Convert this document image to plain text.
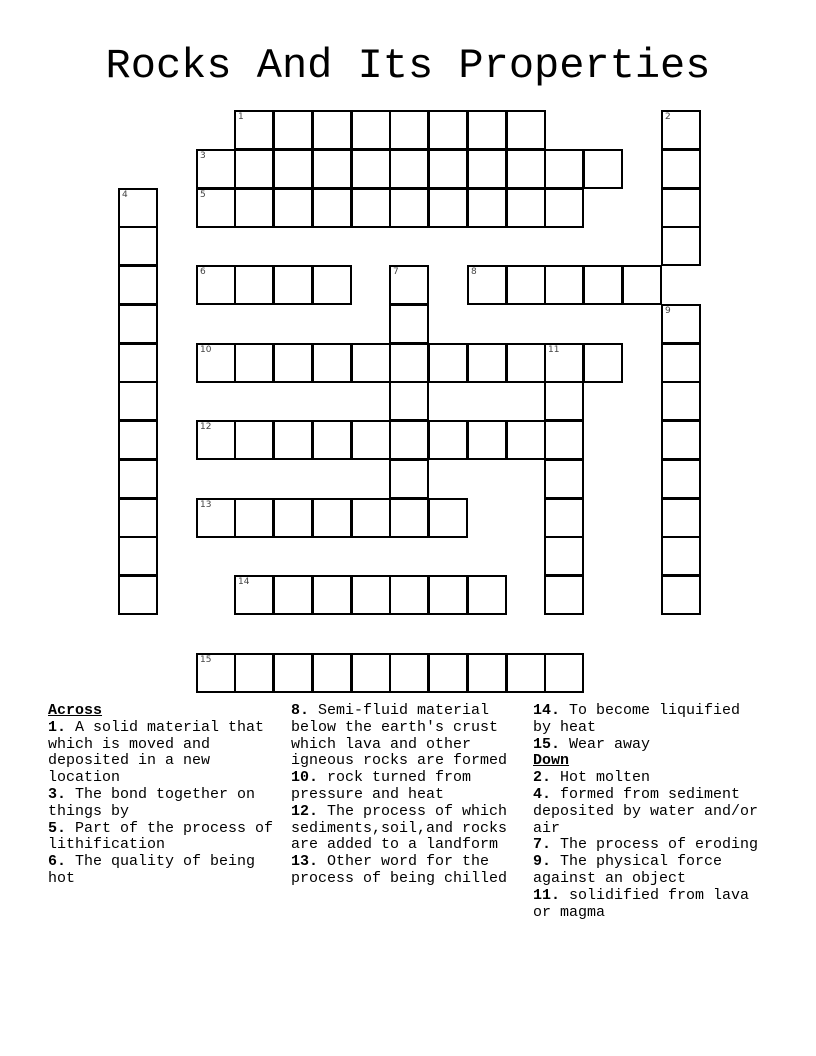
Rocks And Its Properties
1	2
3
4	5
6	7	8
9
10	11
12
13
14
15
Across
1. A solid material that which is moved and deposited in a new location
3. The bond together on things by
5. Part of the process of lithification
6. The quality of being hot
8. Semi-fluid material below the earth's crust which lava and other igneous rocks are formed
10. rock turned from pressure and heat
12. The process of which sediments,soil,and rocks are added to a landform
13. Other word for the process of being chilled
14. To become liquified by heat
15. Wear away
Down
2. Hot molten
4. formed from sediment deposited by water and/or air
7. The process of eroding
9. The physical force against an object
11. solidified from lava or magma
